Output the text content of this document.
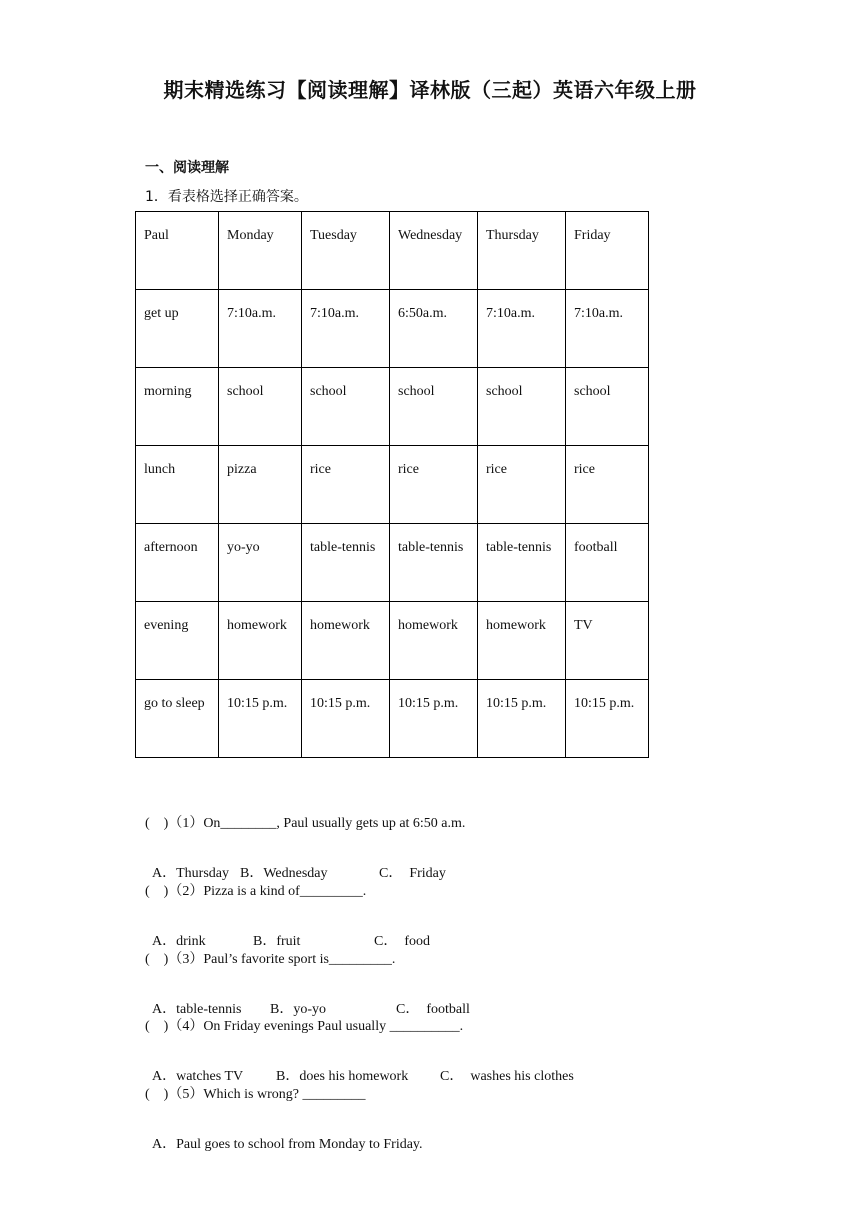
期末精选练习【阅读理解】译林版（三起）英语六年级上册
一、阅读理解
1．看表格选择正确答案。
Paul	Monday	Tuesday	Wednesday	Thursday	Friday
get up	7:10a.m.	7:10a.m.	6:50a.m.	7:10a.m.	7:10a.m.
morning	school	school	school	school	school
lunch	pizza	rice	rice	rice	rice
afternoon	yo-yo	table-tennis	table-tennis	table-tennis	football
evening	homework	homework	homework	homework	TV
go to sleep	10:15 p.m.	10:15 p.m.	10:15 p.m.	10:15 p.m.	10:15 p.m.
(    )（1）On________, Paul usually gets up at 6:50 a.m.

A．Thursday B．Wednesday	C．  Friday

(    )（2）Pizza is a kind of_________.

A．drink	B．fruit	C．  food

(    )（3）Paul’s favorite sport is_________.

A．table-tennis B．yo-yo	C．  football

(    )（4）On Friday evenings Paul usually __________.

A．watches TV B．does his homework C．  washes his clothes

(    )（5）Which is wrong? _________

A．Paul goes to school from Monday to Friday.
